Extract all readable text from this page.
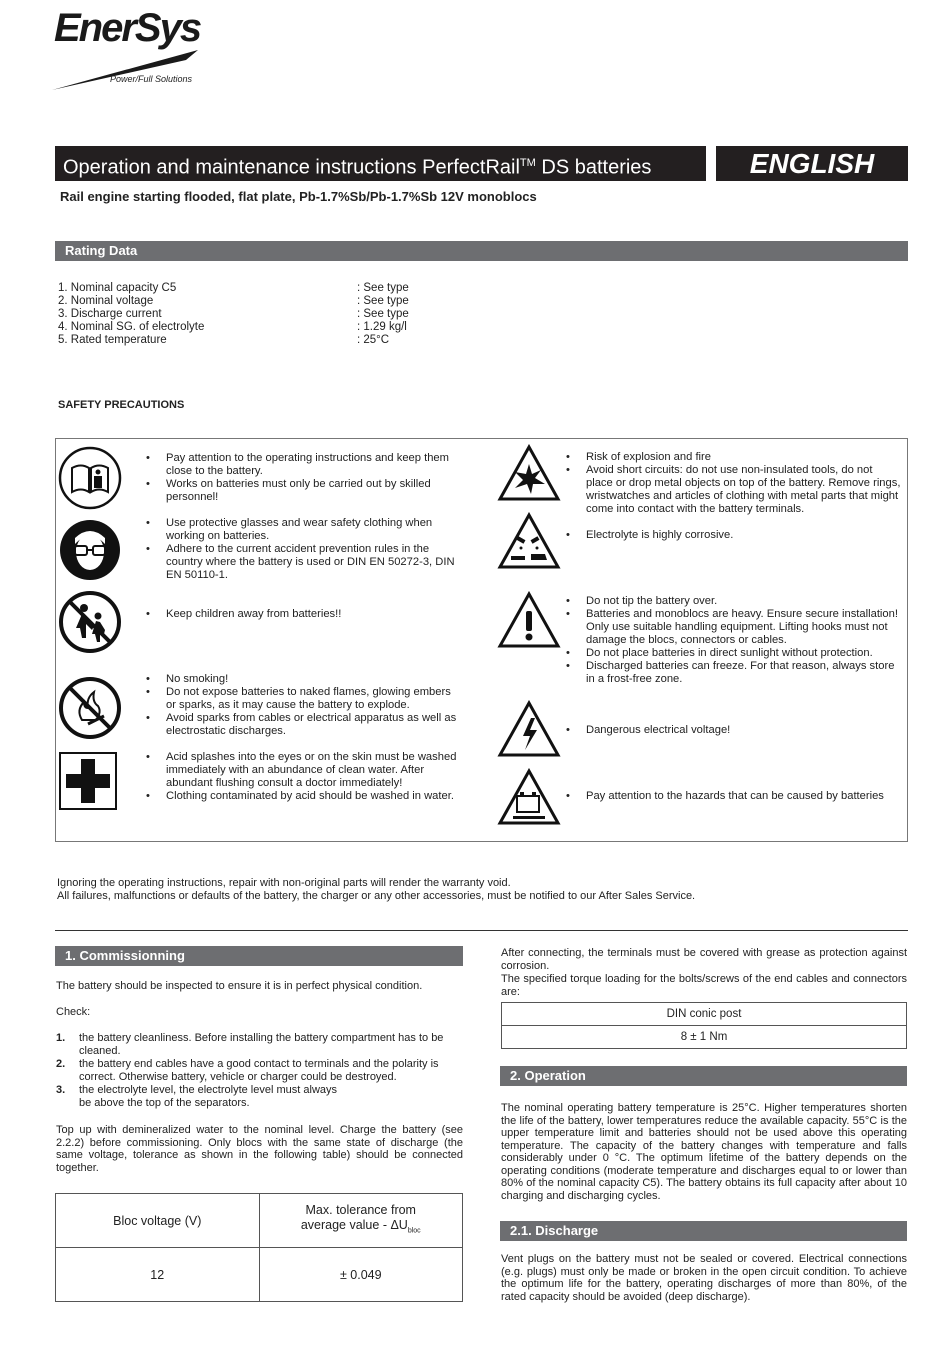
EnerSys
Power/Full Solutions
Operation and maintenance instructions PerfectRail™ DS batteries	ENGLISH
Rail engine starting flooded, flat plate, Pb-1.7%Sb/Pb-1.7%Sb 12V monoblocs
Rating Data
1. Nominal capacity C5	: See type
2. Nominal voltage	: See type
3. Discharge current	: See type
4. Nominal SG. of electrolyte	: 1.29 kg/l
5. Rated temperature	: 25°C
SAFETY PRECAUTIONS
• Pay attention to the operating instructions and keep them close to the battery.
• Works on batteries must only be carried out by skilled personnel!
• Use protective glasses and wear safety clothing when working on batteries.
• Adhere to the current accident prevention rules in the country where the battery is used or DIN EN 50272-3, DIN EN 50110-1.
• Keep children away from batteries!!
• No smoking!
• Do not expose batteries to naked flames, glowing embers or sparks, as it may cause the battery to explode.
• Avoid sparks from cables or electrical apparatus as well as electrostatic discharges.
• Acid splashes into the eyes or on the skin must be washed immediately with an abundance of clean water. After abundant flushing consult a doctor immediately!
• Clothing contaminated by acid should be washed in water.
• Risk of explosion and fire
• Avoid short circuits: do not use non-insulated tools, do not place or drop metal objects on top of the battery. Remove rings, wristwatches and articles of clothing with metal parts that might come into contact with the battery terminals.
• Electrolyte is highly corrosive.
• Do not tip the battery over.
• Batteries and monoblocs are heavy. Ensure secure installation! Only use suitable handling equipment. Lifting hooks must not damage the blocs, connectors or cables.
• Do not place batteries in direct sunlight without protection.
• Discharged batteries can freeze. For that reason, always store in a frost-free zone.
• Dangerous electrical voltage!
• Pay attention to the hazards that can be caused by batteries
Ignoring the operating instructions, repair with non-original parts will render the warranty void.
All failures, malfunctions or defaults of the battery, the charger or any other accessories, must be notified to our After Sales Service.
1. Commissionning
The battery should be inspected to ensure it is in perfect physical condition.
Check:
1. the battery cleanliness. Before installing the battery compartment has to be cleaned.
2. the battery end cables have a good contact to terminals and the polarity is correct. Otherwise battery, vehicle or charger could be destroyed.
3. the electrolyte level, the electrolyte level must always be above the top of the separators.
Top up with demineralized water to the nominal level. Charge the battery (see 2.2.2) before commissioning. Only blocs with the same state of discharge (the same voltage, tolerance as shown in the following table) should be connected together.
Bloc voltage (V)	Max. tolerance from
average value - $\Delta U_{bloc}$
12	± 0.049
After connecting, the terminals must be covered with grease as protection against corrosion.
The specified torque loading for the bolts/screws of the end cables and connectors are:
DIN conic post
8 ± 1 Nm
2. Operation
The nominal operating battery temperature is 25°C. Higher temperatures shorten the life of the battery, lower temperatures reduce the available capacity. 55°C is the upper temperature limit and batteries should not be used above this operating temperature. The capacity of the battery changes with temperature and falls considerably under 0 °C. The optimum lifetime of the battery depends on the operating conditions (moderate temperature and discharges equal to or lower than 80% of the nominal capacity C5). The battery obtains its full capacity after about 10 charging and discharging cycles.
2.1. Discharge
Vent plugs on the battery must not be sealed or covered. Electrical connections (e.g. plugs) must only be made or broken in the open circuit condition. To achieve the optimum life for the battery, operating discharges of more than 80%, of the rated capacity should be avoided (deep discharge).
